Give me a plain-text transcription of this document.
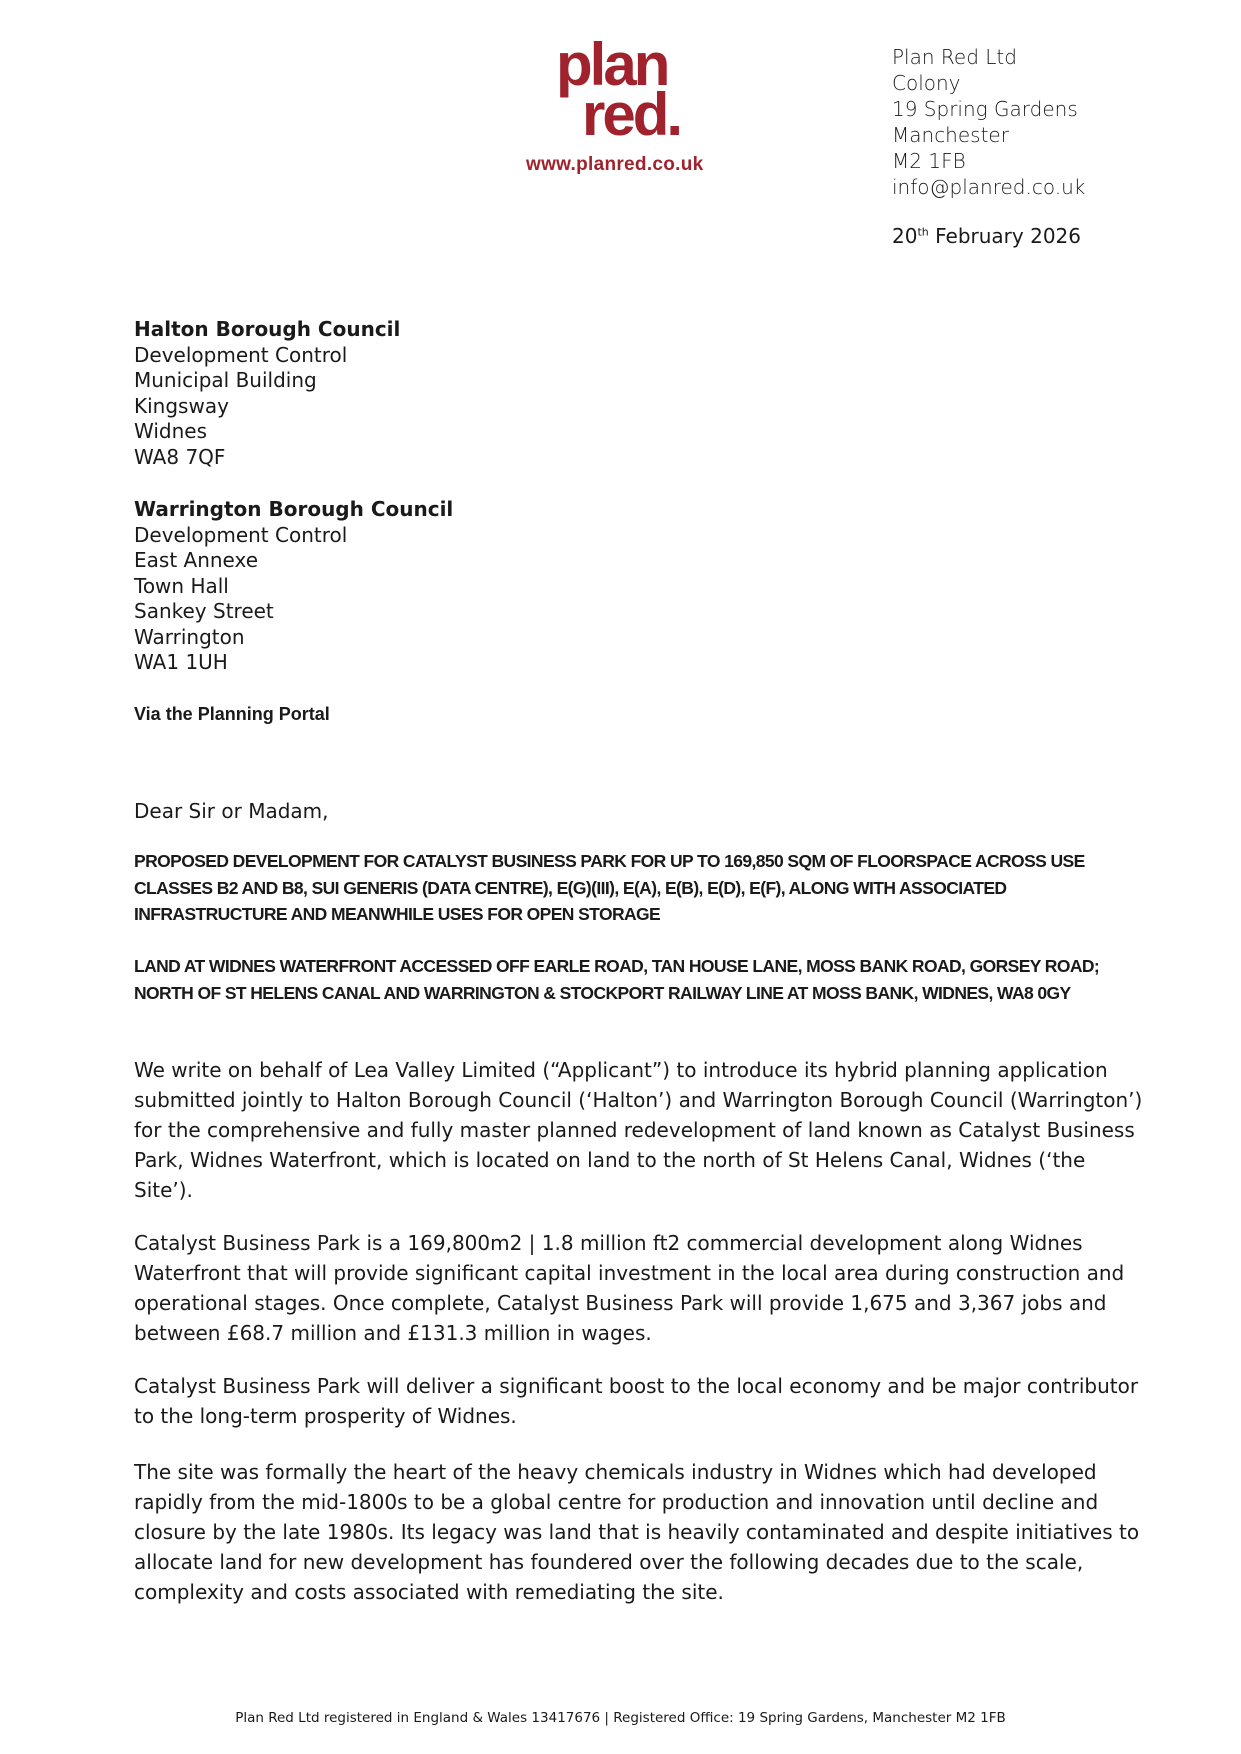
plan
red.
www.planred.co.uk
Plan Red Ltd
Colony
19 Spring Gardens
Manchester
M2 1FB
info@planred.co.uk
20th February 2026
Halton Borough Council
Development Control
Municipal Building
Kingsway
Widnes
WA8 7QF
Warrington Borough Council
Development Control
East Annexe
Town Hall
Sankey Street
Warrington
WA1 1UH
Via the Planning Portal
Dear Sir or Madam,
PROPOSED DEVELOPMENT FOR CATALYST BUSINESS PARK FOR UP TO 169,850 SQM OF FLOORSPACE ACROSS USE CLASSES B2 AND B8, SUI GENERIS (DATA CENTRE), E(G)(III), E(A), E(B), E(D), E(F), ALONG WITH ASSOCIATED INFRASTRUCTURE AND MEANWHILE USES FOR OPEN STORAGE
LAND AT WIDNES WATERFRONT ACCESSED OFF EARLE ROAD, TAN HOUSE LANE, MOSS BANK ROAD, GORSEY ROAD; NORTH OF ST HELENS CANAL AND WARRINGTON & STOCKPORT RAILWAY LINE AT MOSS BANK, WIDNES, WA8 0GY
We write on behalf of Lea Valley Limited (“Applicant”) to introduce its hybrid planning application submitted jointly to Halton Borough Council (‘Halton’) and Warrington Borough Council (Warrington’) for the comprehensive and fully master planned redevelopment of land known as Catalyst Business Park, Widnes Waterfront, which is located on land to the north of St Helens Canal, Widnes (‘the Site’).
Catalyst Business Park is a 169,800m2 | 1.8 million ft2 commercial development along Widnes Waterfront that will provide significant capital investment in the local area during construction and operational stages. Once complete, Catalyst Business Park will provide 1,675 and 3,367 jobs and between £68.7 million and £131.3 million in wages.
Catalyst Business Park will deliver a significant boost to the local economy and be major contributor to the long-term prosperity of Widnes.
The site was formally the heart of the heavy chemicals industry in Widnes which had developed rapidly from the mid-1800s to be a global centre for production and innovation until decline and closure by the late 1980s. Its legacy was land that is heavily contaminated and despite initiatives to allocate land for new development has foundered over the following decades due to the scale, complexity and costs associated with remediating the site.
Plan Red Ltd registered in England & Wales 13417676 | Registered Office: 19 Spring Gardens, Manchester M2 1FB
